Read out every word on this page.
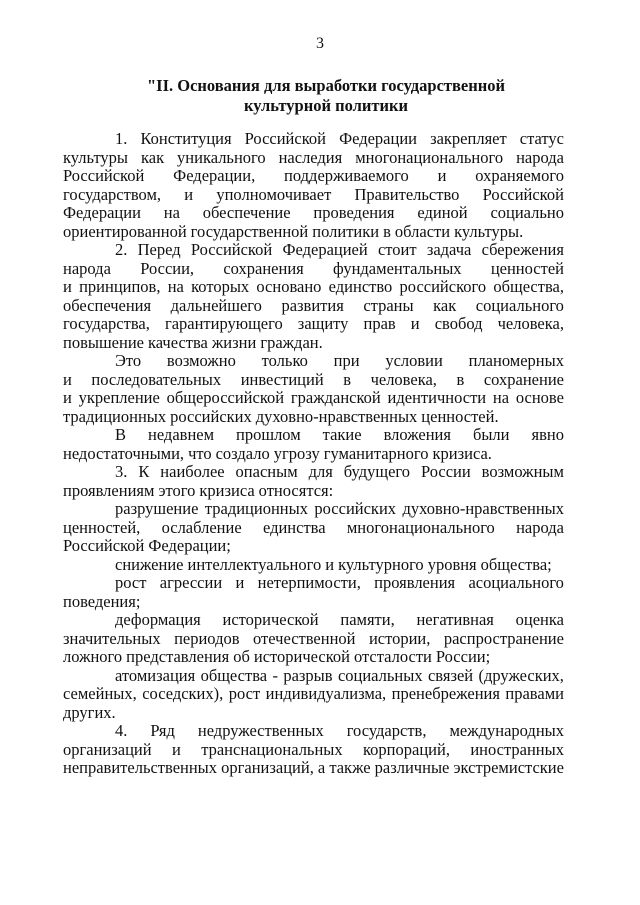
3
"II. Основания для выработки государственной
культурной политики
1. Конституция Российской Федерации закрепляет статус
культуры как уникального наследия многонационального народа
Российской Федерации, поддерживаемого и охраняемого
государством, и уполномочивает Правительство Российской
Федерации на обеспечение проведения единой социально
ориентированной государственной политики в области культуры.
2. Перед Российской Федерацией стоит задача сбережения
народа России, сохранения фундаментальных ценностей
и принципов, на которых основано единство российского общества,
обеспечения дальнейшего развития страны как социального
государства, гарантирующего защиту прав и свобод человека,
повышение качества жизни граждан.
Это возможно только при условии планомерных
и последовательных инвестиций в человека, в сохранение
и укрепление общероссийской гражданской идентичности на основе
традиционных российских духовно-нравственных ценностей.
В недавнем прошлом такие вложения были явно
недостаточными, что создало угрозу гуманитарного кризиса.
3. К наиболее опасным для будущего России возможным
проявлениям этого кризиса относятся:
разрушение традиционных российских духовно-нравственных
ценностей, ослабление единства многонационального народа
Российской Федерации;
снижение интеллектуального и культурного уровня общества;
рост агрессии и нетерпимости, проявления асоциального
поведения;
деформация исторической памяти, негативная оценка
значительных периодов отечественной истории, распространение
ложного представления об исторической отсталости России;
атомизация общества - разрыв социальных связей (дружеских,
семейных, соседских), рост индивидуализма, пренебрежения правами
других.
4. Ряд недружественных государств, международных
организаций и транснациональных корпораций, иностранных
неправительственных организаций, а также различные экстремистские
